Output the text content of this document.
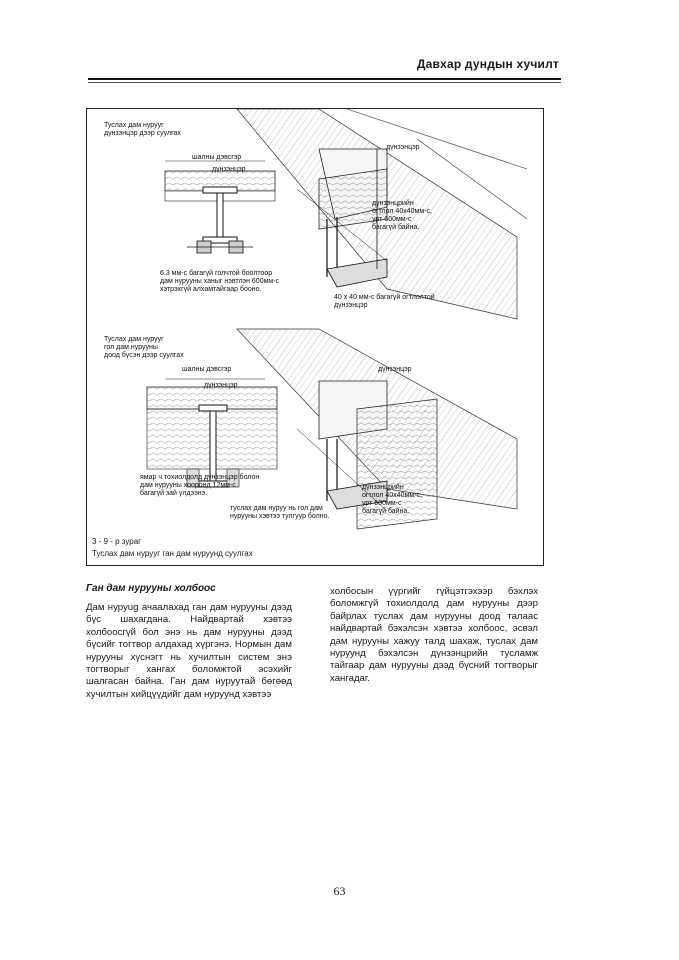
Давхар дундын хучилт
Туслах дам нурууг
дүнзэнцэр дээр суулгах
шалны дэвсгэр
дүнзэнцэр
6.3 мм-с багагүй голчтой боолтоор
дам нурууны ханыг нэвтлэн 600мм-с
хэтрэхгүй алхамтайгаар бооно.
дүнзэнцэр
дүнзэнцрийн
огтлол 40х40мм-с,
урт 600мм-с
багагүй байна.
40 х 40 мм-с багагүй огтлолтой
дүнзэнцэр
Туслах дам нурууг
гол дам нурууны
доод бүсэн дээр суулгах
шалны дэвсгэр
дүнзэнцэр
дүнзэнцэр
ямар ч тохиолдолд дүнзэнцэр болон
дам нурууны хооронд 12мм-с
багагүй зай үлдээнэ.
дүнзэнцрийн
огтлол 40х40мм-с,
урт 600мм-с
багагүй байна.
туслах дам нуруу нь гол дам
нурууны хэвтээ тулгуур болно.
3 - 9 - р зураг
Туслах дам нурууг ган дам нуруунд суулгах
Ган дам нурууны холбоос
Дам нуруug ачаалахад ган дам нурууны дээд бүс шахагдана. Найдвартай хэвтээ холбоосгүй бол энэ нь дам нурууны дээд бүсийг тогтвор алдахад хүргэнэ. Нормын дам нурууны хүснэгт нь хучилтын систем энэ тогтворыг хангах боломжтой эсэхийг шалгасан байна. Ган дам нуруутай бөгөөд хучилтын хийцүүдийг дам нуруунд хэвтээ
холбосын үүргийг гүйцэтгэхээр бэхлэх боломжгүй тохиолдолд дам нурууны дээр байрлах туслах дам нурууны доод талаас найдвартай бэхэлсэн хэвтээ холбоос, эсвэл дам нурууны хажуу талд шахаж, туслах дам нуруунд бэхэлсэн дүнзэнцрийн тусламж тайгаар дам нурууны дээд бүсний тогтворыг хангадаг.
63
